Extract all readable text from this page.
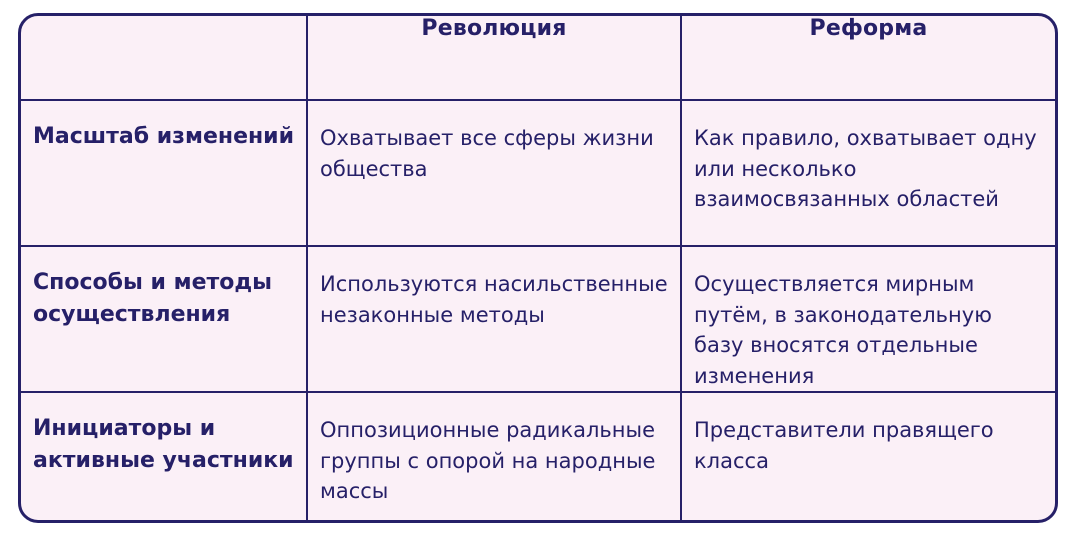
	Революция	Реформа
Масштаб изменений	Охватывает все сферы жизни общества	Как правило, охватывает одну или несколько взаимосвязанных областей
Способы и методы осуществления	Используются насильственные незаконные методы	Осуществляется мирным путём, в законодательную базу вносятся отдельные изменения
Инициаторы и активные участники	Оппозиционные радикальные группы с опорой на народные массы	Представители правящего класса
